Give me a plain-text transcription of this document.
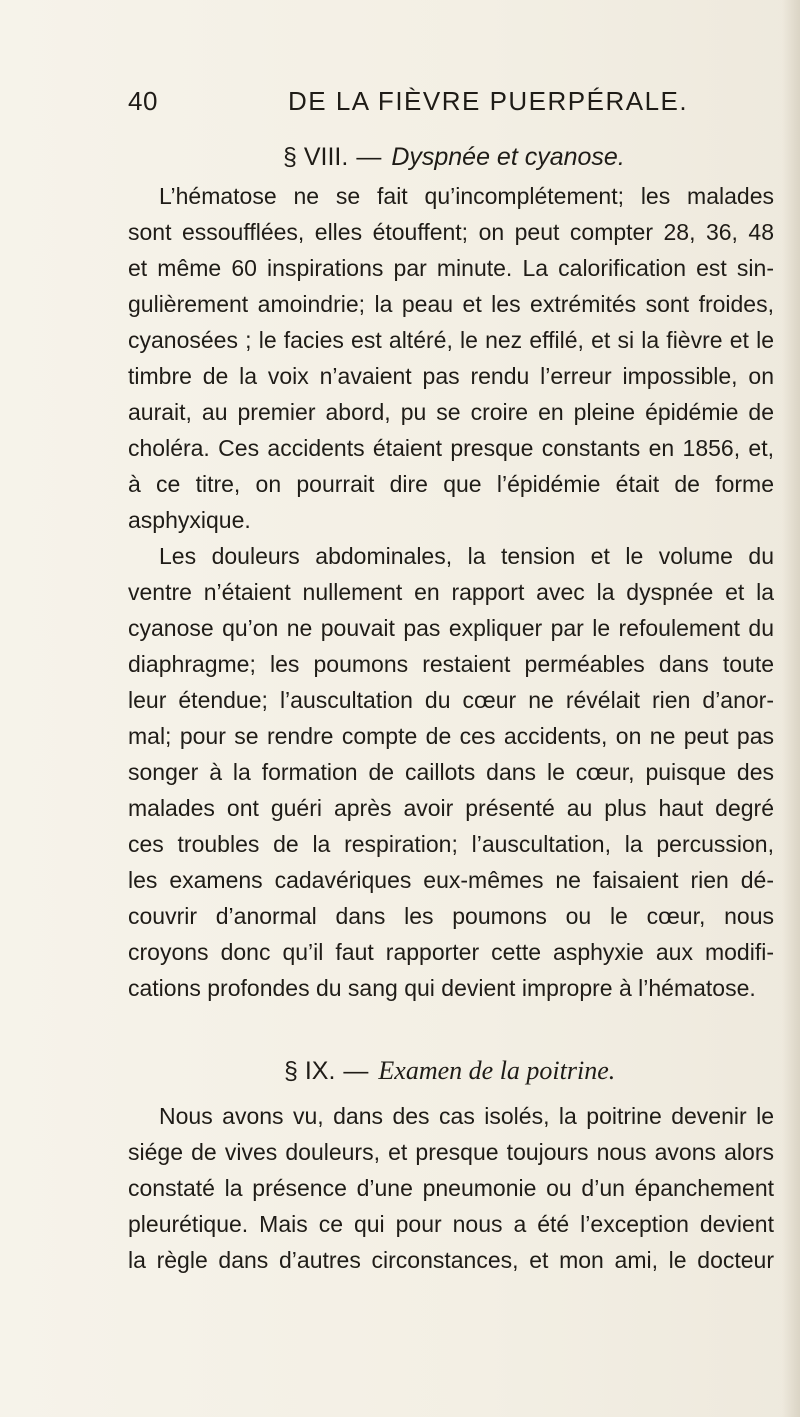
40	DE LA FIÈVRE PUERPÉRALE.
§ VIII. — Dyspnée et cyanose.
L’hématose ne se fait qu’incomplétement; les malades
sont essoufflées, elles étouffent; on peut compter 28, 36, 48
et même 60 inspirations par minute. La calorification est sin-
gulièrement amoindrie; la peau et les extrémités sont froides,
cyanosées ; le facies est altéré, le nez effilé, et si la fièvre et le
timbre de la voix n’avaient pas rendu l’erreur impossible, on
aurait, au premier abord, pu se croire en pleine épidémie de
choléra. Ces accidents étaient presque constants en 1856, et,
à ce titre, on pourrait dire que l’épidémie était de forme
asphyxique.
Les douleurs abdominales, la tension et le volume du
ventre n’étaient nullement en rapport avec la dyspnée et la
cyanose qu’on ne pouvait pas expliquer par le refoulement du
diaphragme; les poumons restaient perméables dans toute
leur étendue; l’auscultation du cœur ne révélait rien d’anor-
mal; pour se rendre compte de ces accidents, on ne peut pas
songer à la formation de caillots dans le cœur, puisque des
malades ont guéri après avoir présenté au plus haut degré
ces troubles de la respiration; l’auscultation, la percussion,
les examens cadavériques eux-mêmes ne faisaient rien dé-
couvrir d’anormal dans les poumons ou le cœur, nous
croyons donc qu’il faut rapporter cette asphyxie aux modifi-
cations profondes du sang qui devient impropre à l’hématose.
§ IX. — Examen de la poitrine.
Nous avons vu, dans des cas isolés, la poitrine devenir le
siége de vives douleurs, et presque toujours nous avons alors
constaté la présence d’une pneumonie ou d’un épanchement
pleurétique. Mais ce qui pour nous a été l’exception devient
la règle dans d’autres circonstances, et mon ami, le docteur
